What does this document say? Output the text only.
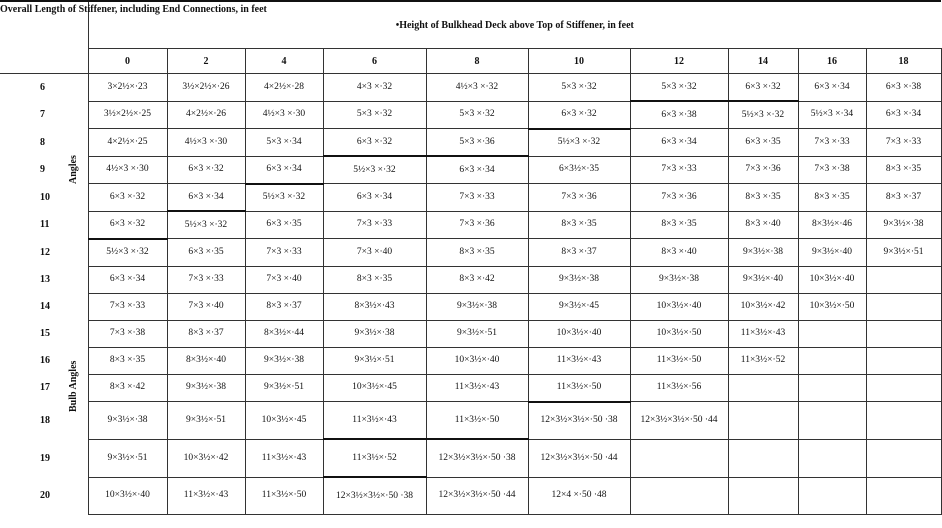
Overall Length of Stiffener, including End Connections, in feet	•Height of Bulkhead Deck above Top of Stiffener, in feet									
	0	2	4	6	8	10	12	14	16	18
6	3×2½×·23	3½×2½×·26	4×2½×·28	4×3 ×·32	4½×3 ×·32	5×3 ×·32	5×3 ×·32	6×3 ×·32	6×3 ×·34	6×3 ×·38
7	3½×2½×·25	4×2½×·26	4½×3 ×·30	5×3 ×·32	5×3 ×·32	6×3 ×·32	6×3 ×·38	5½×3 ×·32	5½×3 ×·34	6×3 ×·34
8	4×2½×·25	4½×3 ×·30	5×3 ×·34	6×3 ×·32	5×3 ×·36	5½×3 ×·32	6×3 ×·34	6×3 ×·35	7×3 ×·33	7×3 ×·33
9	4½×3 ×·30	6×3 ×·32	6×3 ×·34	5½×3 ×·32	6×3 ×·34	6×3½×·35	7×3 ×·33	7×3 ×·36	7×3 ×·38	8×3 ×·35
10	6×3 ×·32	6×3 ×·34	5½×3 ×·32	6×3 ×·34	7×3 ×·33	7×3 ×·36	7×3 ×·36	8×3 ×·35	8×3 ×·35	8×3 ×·37
11	6×3 ×·32	5½×3 ×·32	6×3 ×·35	7×3 ×·33	7×3 ×·36	8×3 ×·35	8×3 ×·35	8×3 ×·40	8×3½×·46	9×3½×·38
12	5½×3 ×·32	6×3 ×·35	7×3 ×·33	7×3 ×·40	8×3 ×·35	8×3 ×·37	8×3 ×·40	9×3½×·38	9×3½×·40	9×3½×·51
13	6×3 ×·34	7×3 ×·33	7×3 ×·40	8×3 ×·35	8×3 ×·42	9×3½×·38	9×3½×·38	9×3½×·40	10×3½×·40	
14	7×3 ×·33	7×3 ×·40	8×3 ×·37	8×3½×·43	9×3½×·38	9×3½×·45	10×3½×·40	10×3½×·42	10×3½×·50	
15	7×3 ×·38	8×3 ×·37	8×3½×·44	9×3½×·38	9×3½×·51	10×3½×·40	10×3½×·50	11×3½×·43		
16	8×3 ×·35	8×3½×·40	9×3½×·38	9×3½×·51	10×3½×·40	11×3½×·43	11×3½×·50	11×3½×·52		
17	8×3 ×·42	9×3½×·38	9×3½×·51	10×3½×·45	11×3½×·43	11×3½×·50	11×3½×·56			
18	9×3½×·38	9×3½×·51	10×3½×·45	11×3½×·43	11×3½×·50	12×3½×3½×·50 ·38	12×3½×3½×·50 ·44			
19	9×3½×·51	10×3½×·42	11×3½×·43	11×3½×·52	12×3½×3½×·50 ·38	12×3½×3½×·50 ·44				
20	10×3½×·40	11×3½×·43	11×3½×·50	12×3½×3½×·50 ·38	12×3½×3½×·50 ·44	12×4 ×·50 ·48				
Angles
Bulb Angles
